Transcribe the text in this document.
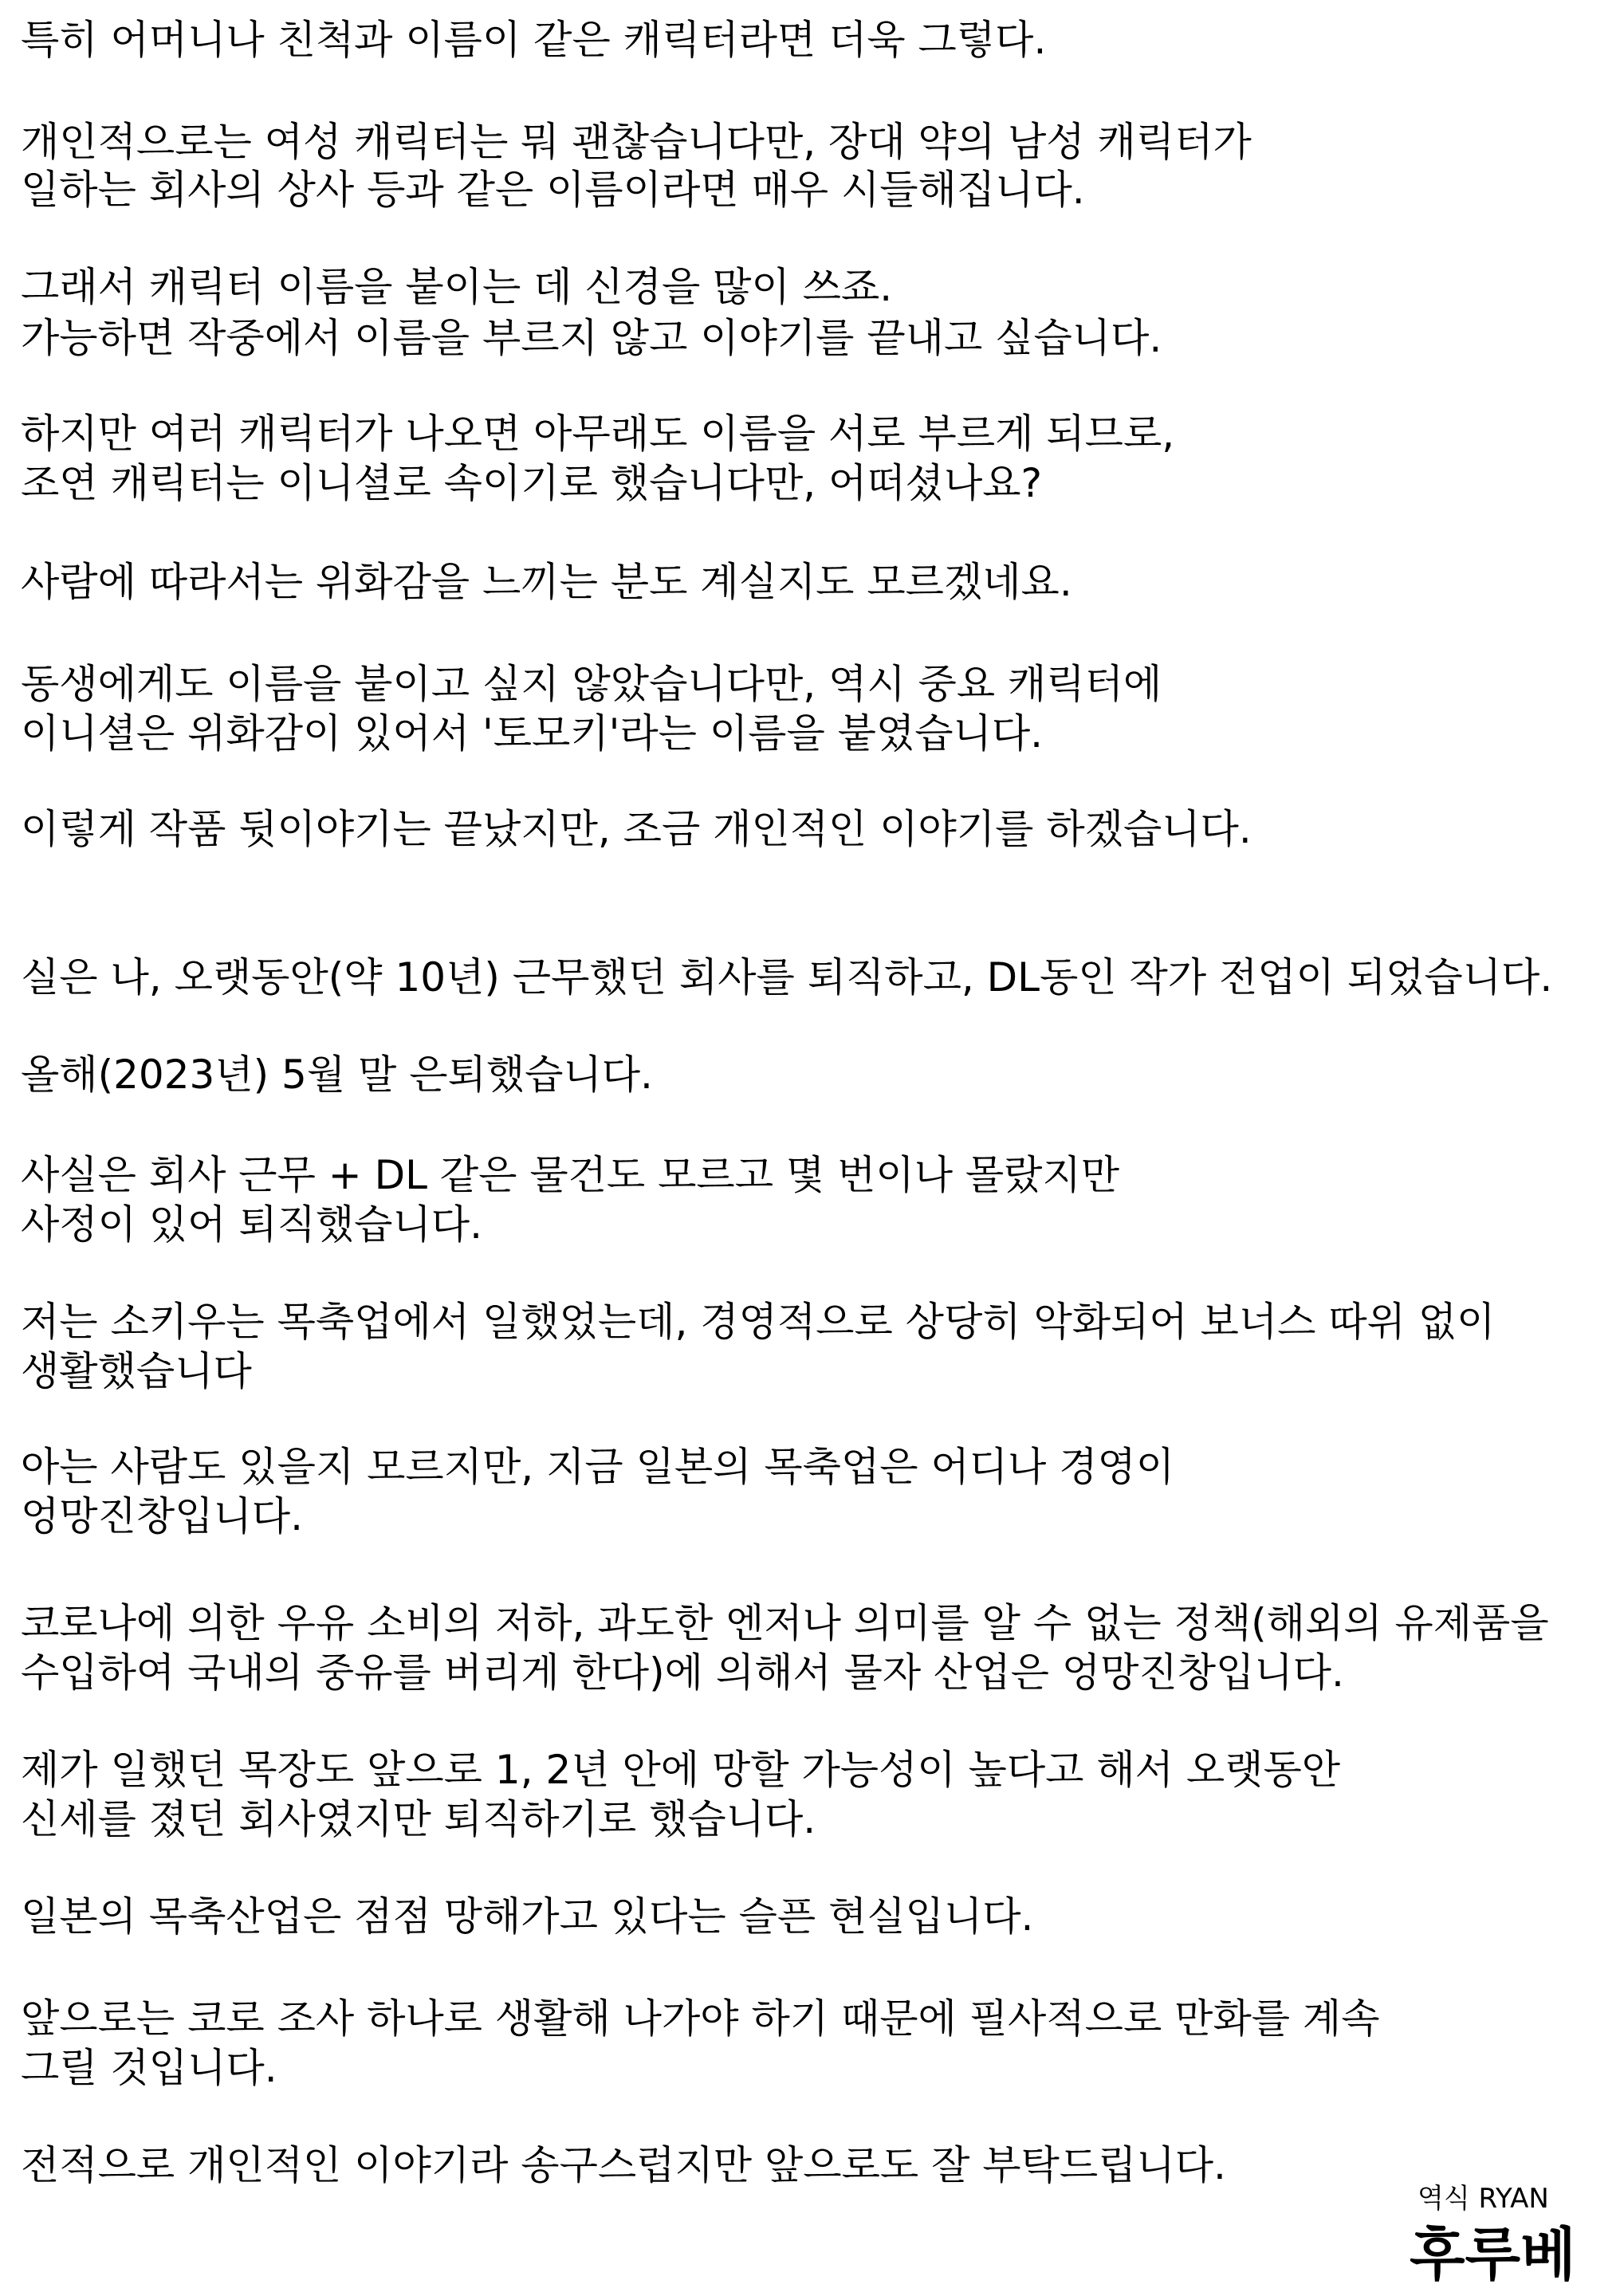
특히 어머니나 친척과 이름이 같은 캐릭터라면 더욱 그렇다.

개인적으로는 여성 캐릭터는 뭐 괜찮습니다만, 장대 약의 남성 캐릭터가

일하는 회사의 상사 등과 같은 이름이라면 매우 시들해집니다.

그래서 캐릭터 이름을 붙이는 데 신경을 많이 쓰죠.

가능하면 작중에서 이름을 부르지 않고 이야기를 끝내고 싶습니다.

하지만 여러 캐릭터가 나오면 아무래도 이름을 서로 부르게 되므로,

조연 캐릭터는 이니셜로 속이기로 했습니다만, 어떠셨나요?

사람에 따라서는 위화감을 느끼는 분도 계실지도 모르겠네요.

동생에게도 이름을 붙이고 싶지 않았습니다만, 역시 중요 캐릭터에

이니셜은 위화감이 있어서 '토모키'라는 이름을 붙였습니다.

이렇게 작품 뒷이야기는 끝났지만, 조금 개인적인 이야기를 하겠습니다.

실은 나, 오랫동안(약 10년) 근무했던 회사를 퇴직하고, DL동인 작가 전업이 되었습니다.

올해(2023년) 5월 말 은퇴했습니다.

사실은 회사 근무 + DL 같은 물건도 모르고 몇 번이나 몰랐지만

사정이 있어 퇴직했습니다.

저는 소키우는 목축업에서 일했었는데, 경영적으로 상당히 악화되어 보너스 따위 없이

생활했습니다

아는 사람도 있을지 모르지만, 지금 일본의 목축업은 어디나 경영이

엉망진창입니다.

코로나에 의한 우유 소비의 저하, 과도한 엔저나 의미를 알 수 없는 정책(해외의 유제품을

수입하여 국내의 중유를 버리게 한다)에 의해서 물자 산업은 엉망진창입니다.

제가 일했던 목장도 앞으로 1, 2년 안에 망할 가능성이 높다고 해서 오랫동안

신세를 졌던 회사였지만 퇴직하기로 했습니다.

일본의 목축산업은 점점 망해가고 있다는 슬픈 현실입니다.

앞으로는 코로 조사 하나로 생활해 나가야 하기 때문에 필사적으로 만화를 계속

그릴 것입니다.

전적으로 개인적인 이야기라 송구스럽지만 앞으로도 잘 부탁드립니다.

역식 RYAN
후루베
